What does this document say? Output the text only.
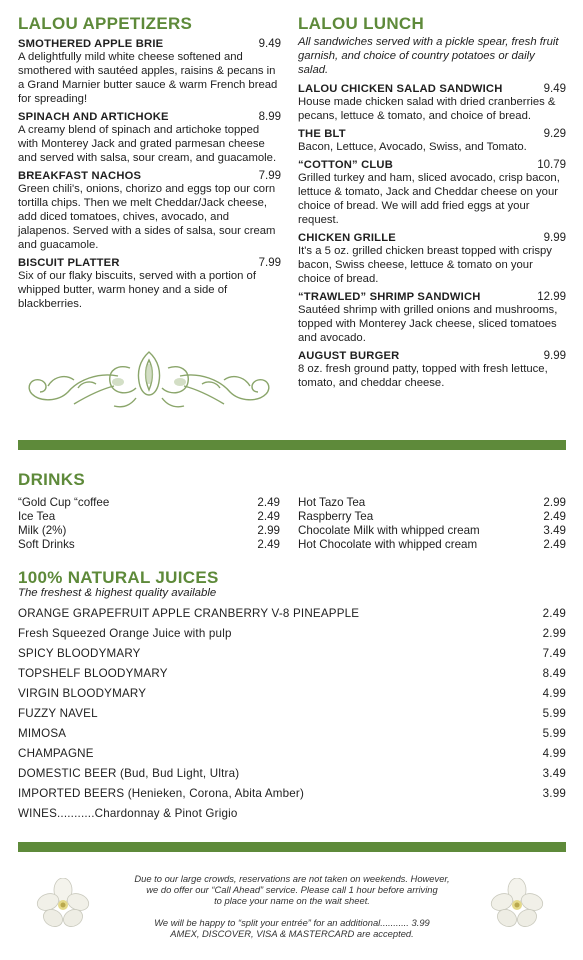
LALOU APPETIZERS
SMOTHERED APPLE BRIE	9.49
A delightfully mild white cheese softened and smothered with sautéed apples, raisins & pecans in a Grand Marnier butter sauce & warm French bread for spreading!
SPINACH AND ARTICHOKE	8.99
A creamy blend of spinach and artichoke topped with Monterey Jack and grated parmesan cheese and served with salsa, sour cream, and guacamole.
BREAKFAST NACHOS	7.99
Green chili's, onions, chorizo and eggs top our corn tortilla chips. Then we melt Cheddar/Jack cheese, add diced tomatoes, chives, avocado, and jalapenos. Served with a sides of salsa, sour cream and guacamole.
BISCUIT PLATTER	7.99
Six of our flaky biscuits, served with a portion of whipped butter, warm honey and a side of blackberries.
LALOU LUNCH
All sandwiches served with a pickle spear, fresh fruit garnish, and choice of country potatoes or daily salad.
LALOU CHICKEN SALAD SANDWICH	9.49
House made chicken salad with dried cranberries & pecans, lettuce & tomato, and choice of bread.
THE BLT	9.29
Bacon, Lettuce, Avocado, Swiss, and Tomato.
“COTTON” CLUB	10.79
Grilled turkey and ham, sliced avocado, crisp bacon, lettuce & tomato, Jack and Cheddar cheese on your choice of bread. We will add fried eggs at your request.
CHICKEN GRILLE	9.99
It's a 5 oz. grilled chicken breast topped with crispy bacon, Swiss cheese, lettuce & tomato on your choice of bread.
“TRAWLED” SHRIMP SANDWICH	12.99
Sautéed shrimp with grilled onions and mushrooms, topped with Monterey Jack cheese, sliced tomatoes and avocado.
AUGUST BURGER	9.99
8 oz. fresh ground patty, topped with fresh lettuce, tomato, and cheddar cheese.
DRINKS
“Gold Cup “coffee	2.49
Ice Tea	2.49
Milk (2%)	2.99
Soft Drinks	2.49
Hot Tazo Tea	2.99
Raspberry Tea	2.49
Chocolate Milk with whipped cream	3.49
Hot Chocolate with whipped cream	2.49
100% NATURAL JUICES
The freshest & highest quality available
ORANGE GRAPEFRUIT APPLE CRANBERRY V-8 PINEAPPLE	2.49
Fresh Squeezed Orange Juice with pulp	2.99
SPICY BLOODYMARY	7.49
TOPSHELF BLOODYMARY	8.49
VIRGIN BLOODYMARY	4.99
FUZZY NAVEL	5.99
MIMOSA	5.99
CHAMPAGNE	4.99
DOMESTIC BEER (Bud, Bud Light, Ultra)	3.49
IMPORTED BEERS (Henieken, Corona, Abita Amber)	3.99
WINES...........Chardonnay & Pinot Grigio
Due to our large crowds, reservations are not taken on weekends. However,
we do offer our “Call Ahead” service. Please call 1 hour before arriving
to place your name on the wait sheet.
We will be happy to “split your entrée” for an additional........... 3.99
AMEX, DISCOVER, VISA & MASTERCARD are accepted.
